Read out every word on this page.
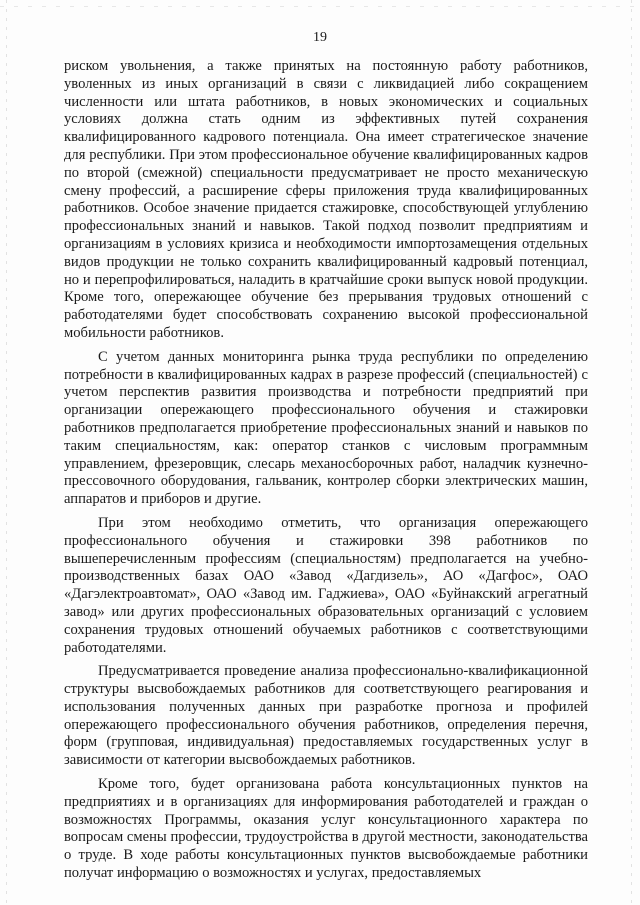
19

риском увольнения, а также принятых на постоянную работу работников, уволенных из иных организаций в связи с ликвидацией либо сокращением численности или штата работников, в новых экономических и социальных условиях должна стать одним из эффективных путей сохранения квалифицированного кадрового потенциала. Она имеет стратегическое значение для республики. При этом профессиональное обучение квалифицированных кадров по второй (смежной) специальности предусматривает не просто механическую смену профессий, а расширение сферы приложения труда квалифицированных работников. Особое значение придается стажировке, способствующей углублению профессиональных знаний и навыков. Такой подход позволит предприятиям и организациям в условиях кризиса и необходимости импортозамещения отдельных видов продукции не только сохранить квалифицированный кадровый потенциал, но и перепрофилироваться, наладить в кратчайшие сроки выпуск новой продукции. Кроме того, опережающее обучение без прерывания трудовых отношений с работодателями будет способствовать сохранению высокой профессиональной мобильности работников.

С учетом данных мониторинга рынка труда республики по определению потребности в квалифицированных кадрах в разрезе профессий (специальностей) с учетом перспектив развития производства и потребности предприятий при организации опережающего профессионального обучения и стажировки работников предполагается приобретение профессиональных знаний и навыков по таким специальностям, как: оператор станков с числовым программным управлением, фрезеровщик, слесарь механосборочных работ, наладчик кузнечно-прессовочного оборудования, гальваник, контролер сборки электрических машин, аппаратов и приборов и другие.

При этом необходимо отметить, что организация опережающего профессионального обучения и стажировки 398 работников по вышеперечисленным профессиям (специальностям) предполагается на учебно-производственных базах ОАО «Завод «Дагдизель», АО «Дагфос», ОАО «Дагэлектроавтомат», ОАО «Завод им. Гаджиева», ОАО «Буйнакский агрегатный завод» или других профессиональных образовательных организаций с условием сохранения трудовых отношений обучаемых работников с соответствующими работодателями.

Предусматривается проведение анализа профессионально-квалификационной структуры высвобождаемых работников для соответствующего реагирования и использования полученных данных при разработке прогноза и профилей опережающего профессионального обучения работников, определения перечня, форм (групповая, индивидуальная) предоставляемых государственных услуг в зависимости от категории высвобождаемых работников.

Кроме того, будет организована работа консультационных пунктов на предприятиях и в организациях для информирования работодателей и граждан о возможностях Программы, оказания услуг консультационного характера по вопросам смены профессии, трудоустройства в другой местности, законодательства о труде. В ходе работы консультационных пунктов высвобождаемые работники получат информацию о возможностях и услугах, предоставляемых
